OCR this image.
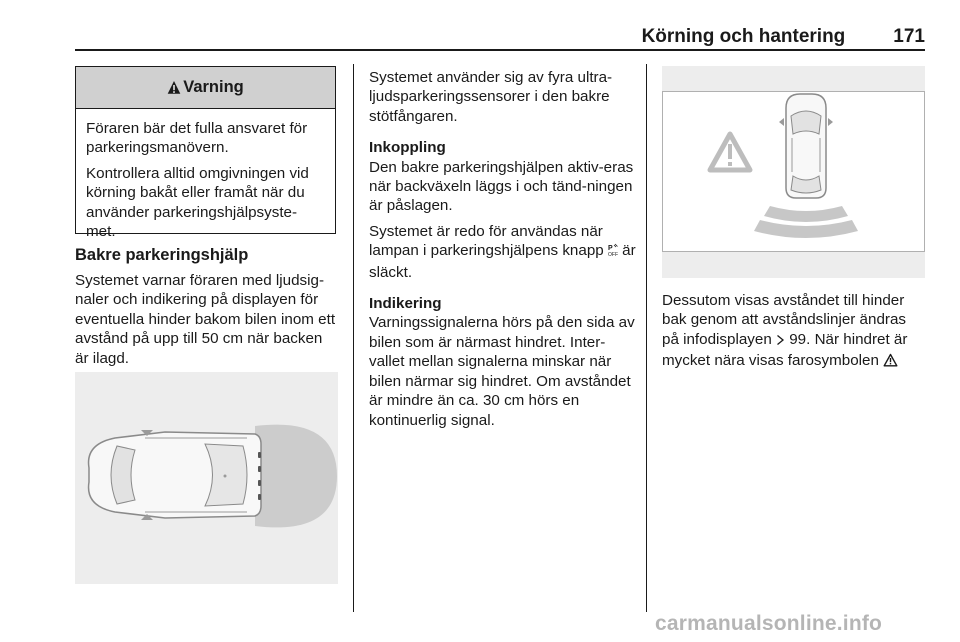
Körning och hantering	171
Varning

Föraren bär det fulla ansvaret för parkeringsmanövern.

Kontrollera alltid omgivningen vid körning bakåt eller framåt när du använder parkeringshjälpsyste-met.

Bakre parkeringshjälp

Systemet varnar föraren med ljudsig-naler och indikering på displayen för eventuella hinder bakom bilen inom ett avstånd på upp till 50 cm när backen är ilagd.

Systemet använder sig av fyra ultra-ljudsparkeringssensorer i den bakre stötfångaren.

Inkoppling

Den bakre parkeringshjälpen aktiv-eras när backväxeln läggs i och tänd-ningen är påslagen.

Systemet är redo för användas när lampan i parkeringshjälpens knapp P
OFF är släckt.

Indikering

Varningssignalerna hörs på den sida av bilen som är närmast hindret. Inter-vallet mellan signalerna minskar när bilen närmar sig hindret. Om avståndet är mindre än ca. 30 cm hörs en kontinuerlig signal.

Dessutom visas avståndet till hinder bak genom att avståndslinjer ändras på infodisplayen  99. När hindret är mycket nära visas farosymbolen

carmanualsonline.info
